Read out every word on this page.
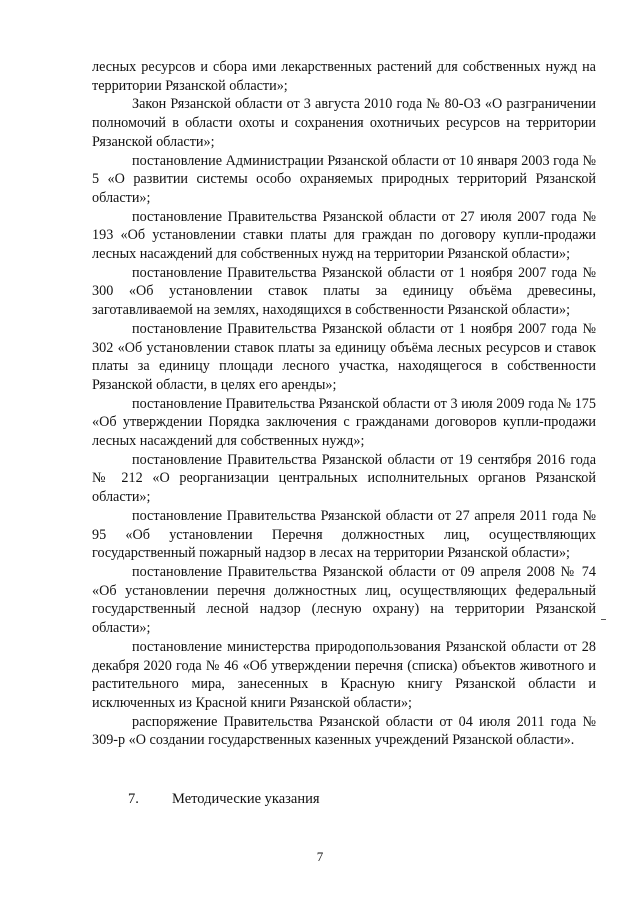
лесных ресурсов и сбора ими лекарственных растений для собственных нужд на территории Рязанской области»;

Закон Рязанской области от 3 августа 2010 года № 80-ОЗ «О разграничении полномочий в области охоты и сохранения охотничьих ресурсов на территории Рязанской области»;

постановление Администрации Рязанской области от 10 января 2003 года № 5 «О развитии системы особо охраняемых природных территорий Рязанской области»;

постановление Правительства Рязанской области от 27 июля 2007 года № 193 «Об установлении ставки платы для граждан по договору купли-продажи лесных насаждений для собственных нужд на территории Рязанской области»;

постановление Правительства Рязанской области от 1 ноября 2007 года № 300 «Об установлении ставок платы за единицу объёма древесины, заготавливаемой на землях, находящихся в собственности Рязанской области»;

постановление Правительства Рязанской области от 1 ноября 2007 года № 302 «Об установлении ставок платы за единицу объёма лесных ресурсов и ставок платы за единицу площади лесного участка, находящегося в собственности Рязанской области, в целях его аренды»;

постановление Правительства Рязанской области от 3 июля 2009 года № 175 «Об утверждении Порядка заключения с гражданами договоров купли-продажи лесных насаждений для собственных нужд»;

постановление Правительства Рязанской области от 19 сентября 2016 года № 212 «О реорганизации центральных исполнительных органов Рязанской области»;

постановление Правительства Рязанской области от 27 апреля 2011 года № 95 «Об установлении Перечня должностных лиц, осуществляющих государственный пожарный надзор в лесах на территории Рязанской области»;

постановление Правительства Рязанской области от 09 апреля 2008 № 74 «Об установлении перечня должностных лиц, осуществляющих федеральный государственный лесной надзор (лесную охрану) на территории Рязанской области»;

постановление министерства природопользования Рязанской области от 28 декабря 2020 года № 46 «Об утверждении перечня (списка) объектов животного и растительного мира, занесенных в Красную книгу Рязанской области и исключенных из Красной книги Рязанской области»;

распоряжение Правительства Рязанской области от 04 июля 2011 года № 309-р «О создании государственных казенных учреждений Рязанской области».

7. Методические указания
7
